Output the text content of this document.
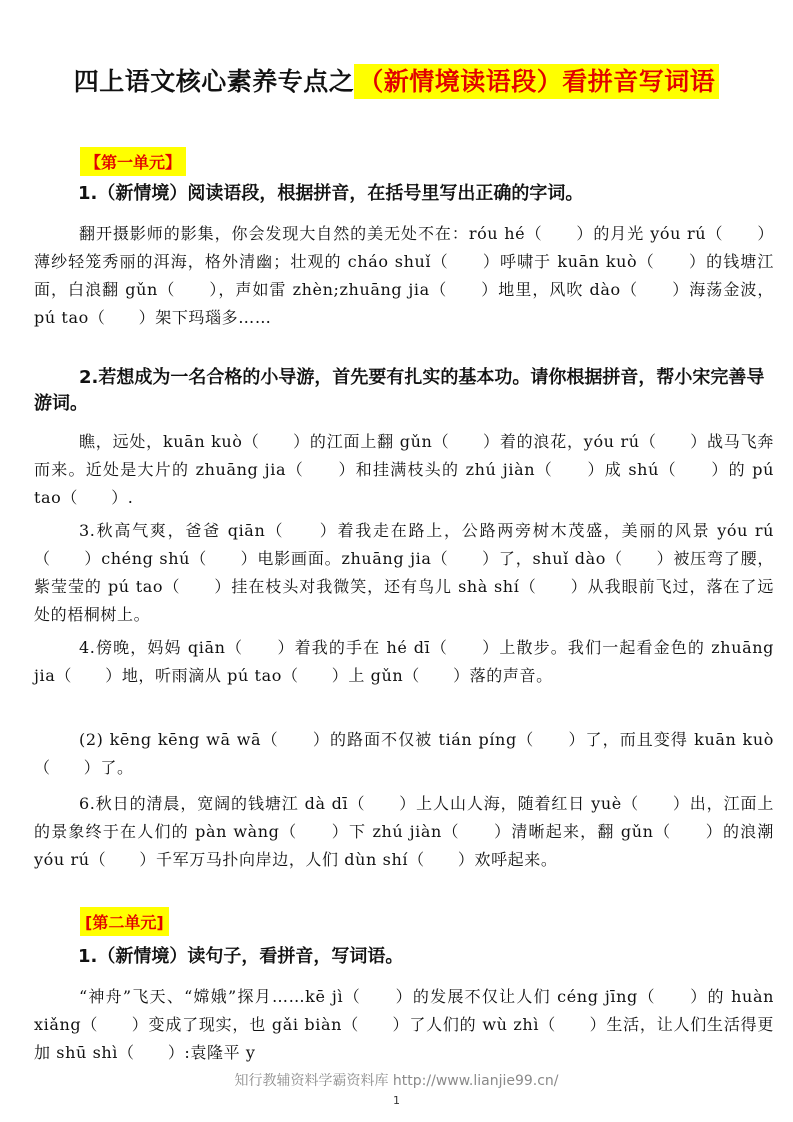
四上语文核心素养专点之 （新情境读语段）看拼音写词语
【第一单元】
1.（新情境）阅读语段，根据拼音，在括号里写出正确的字词。

翻开摄影师的影集，你会发现大自然的美无处不在：róu hé（　　）的月光 yóu rú（　　）薄纱轻笼秀丽的洱海，格外清幽；壮观的 cháo shuǐ（　　）呼啸于 kuān kuò（　　）的钱塘江面，白浪翻 gǔn（　　），声如雷 zhèn;zhuāng jia（　　）地里，风吹 dào（　　）海荡金波，pú tao（　　）架下玛瑙多……

2.若想成为一名合格的小导游，首先要有扎实的基本功。请你根据拼音，帮小宋完善导游词。

瞧，远处，kuān kuò（　　）的江面上翻 gǔn（　　）着的浪花，yóu rú（　　）战马飞奔而来。近处是大片的 zhuāng jia（　　）和挂满枝头的 zhú jiàn（　　）成 shú（　　）的 pú tao（　　）.

3.秋高气爽，爸爸 qiān（　　）着我走在路上，公路两旁树木茂盛，美丽的风景 yóu rú（　　）chéng shú（　　）电影画面。zhuāng jia（　　）了，shuǐ dào（　　）被压弯了腰，紫莹莹的 pú tao（　　）挂在枝头对我微笑，还有鸟儿 shà shí（　　）从我眼前飞过，落在了远处的梧桐树上。

4.傍晚，妈妈 qiān（　　）着我的手在 hé dī（　　）上散步。我们一起看金色的 zhuāng jia（　　）地，听雨滴从 pú tao（　　）上 gǔn（　　）落的声音。

(2) kēng kēng wā wā（　　）的路面不仅被 tián píng（　　）了，而且变得 kuān kuò（　　）了。

6.秋日的清晨，宽阔的钱塘江 dà dī（　　）上人山人海，随着红日 yuè（　　）出，江面上的景象终于在人们的 pàn wàng（　　）下 zhú jiàn（　　）清晰起来，翻 gǔn（　　）的浪潮 yóu rú（　　）千军万马扑向岸边，人们 dùn shí（　　）欢呼起来。

[第二单元]
1.（新情境）读句子，看拼音，写词语。

“神舟”飞天、“嫦娥”探月……kē jì（　　）的发展不仅让人们 céng jīng（　　）的 huàn xiǎng（　　）变成了现实，也 gǎi biàn（　　）了人们的 wù zhì（　　）生活，让人们生活得更加 shū shì（　　）:袁隆平 y

知行教辅资料学霸资料库 http://www.lianjie99.cn/
1
